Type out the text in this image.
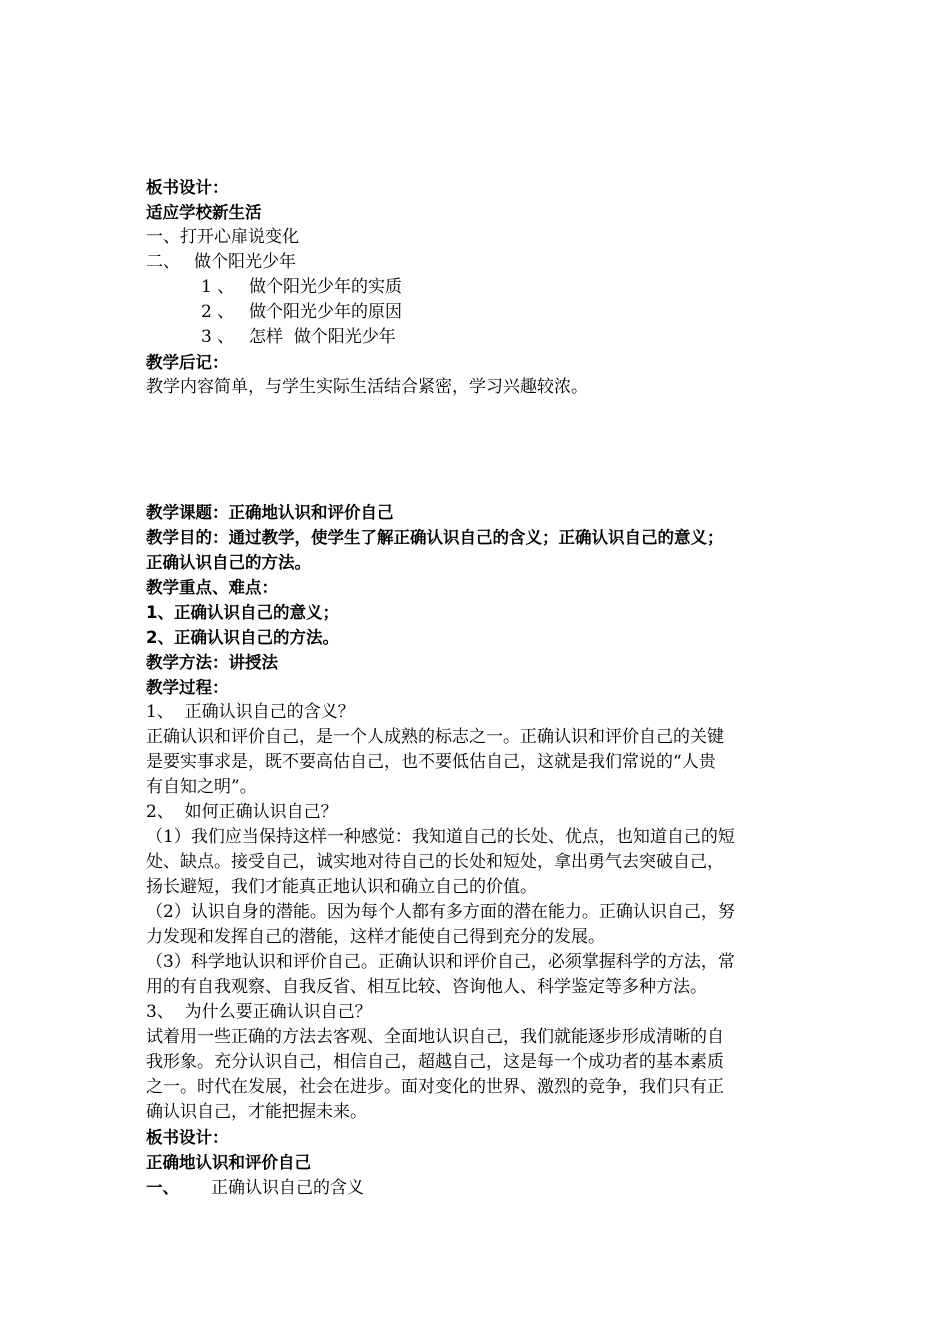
板书设计：
适应学校新生活
一、打开心扉说变化
二、 做个阳光少年
1 、 做个阳光少年的实质
2 、 做个阳光少年的原因
3 、 怎样  做个阳光少年
教学后记：
教学内容简单，与学生实际生活结合紧密，学习兴趣较浓。
教学课题：正确地认识和评价自己
教学目的：通过教学，使学生了解正确认识自己的含义；正确认识自己的意义；
正确认识自己的方法。
教学重点、难点：
1、正确认识自己的意义；
2、正确认识自己的方法。
教学方法：讲授法
教学过程：
1、  正确认识自己的含义？
正确认识和评价自己，是一个人成熟的标志之一。正确认识和评价自己的关键
是要实事求是，既不要高估自己，也不要低估自己，这就是我们常说的“人贵
有自知之明”。
2、  如何正确认识自己？
（1）我们应当保持这样一种感觉：我知道自己的长处、优点，也知道自己的短
处、缺点。接受自己，诚实地对待自己的长处和短处，拿出勇气去突破自己，
扬长避短，我们才能真正地认识和确立自己的价值。
（2）认识自身的潜能。因为每个人都有多方面的潜在能力。正确认识自己，努
力发现和发挥自己的潜能，这样才能使自己得到充分的发展。
（3）科学地认识和评价自己。正确认识和评价自己，必须掌握科学的方法，常
用的有自我观察、自我反省、相互比较、咨询他人、科学鉴定等多种方法。
3、  为什么要正确认识自己？
试着用一些正确的方法去客观、全面地认识自己，我们就能逐步形成清晰的自
我形象。充分认识自己，相信自己，超越自己，这是每一个成功者的基本素质
之一。时代在发展，社会在进步。面对变化的世界、激烈的竞争，我们只有正
确认识自己，才能把握未来。
板书设计：
正确地认识和评价自己
一、 正确认识自己的含义
